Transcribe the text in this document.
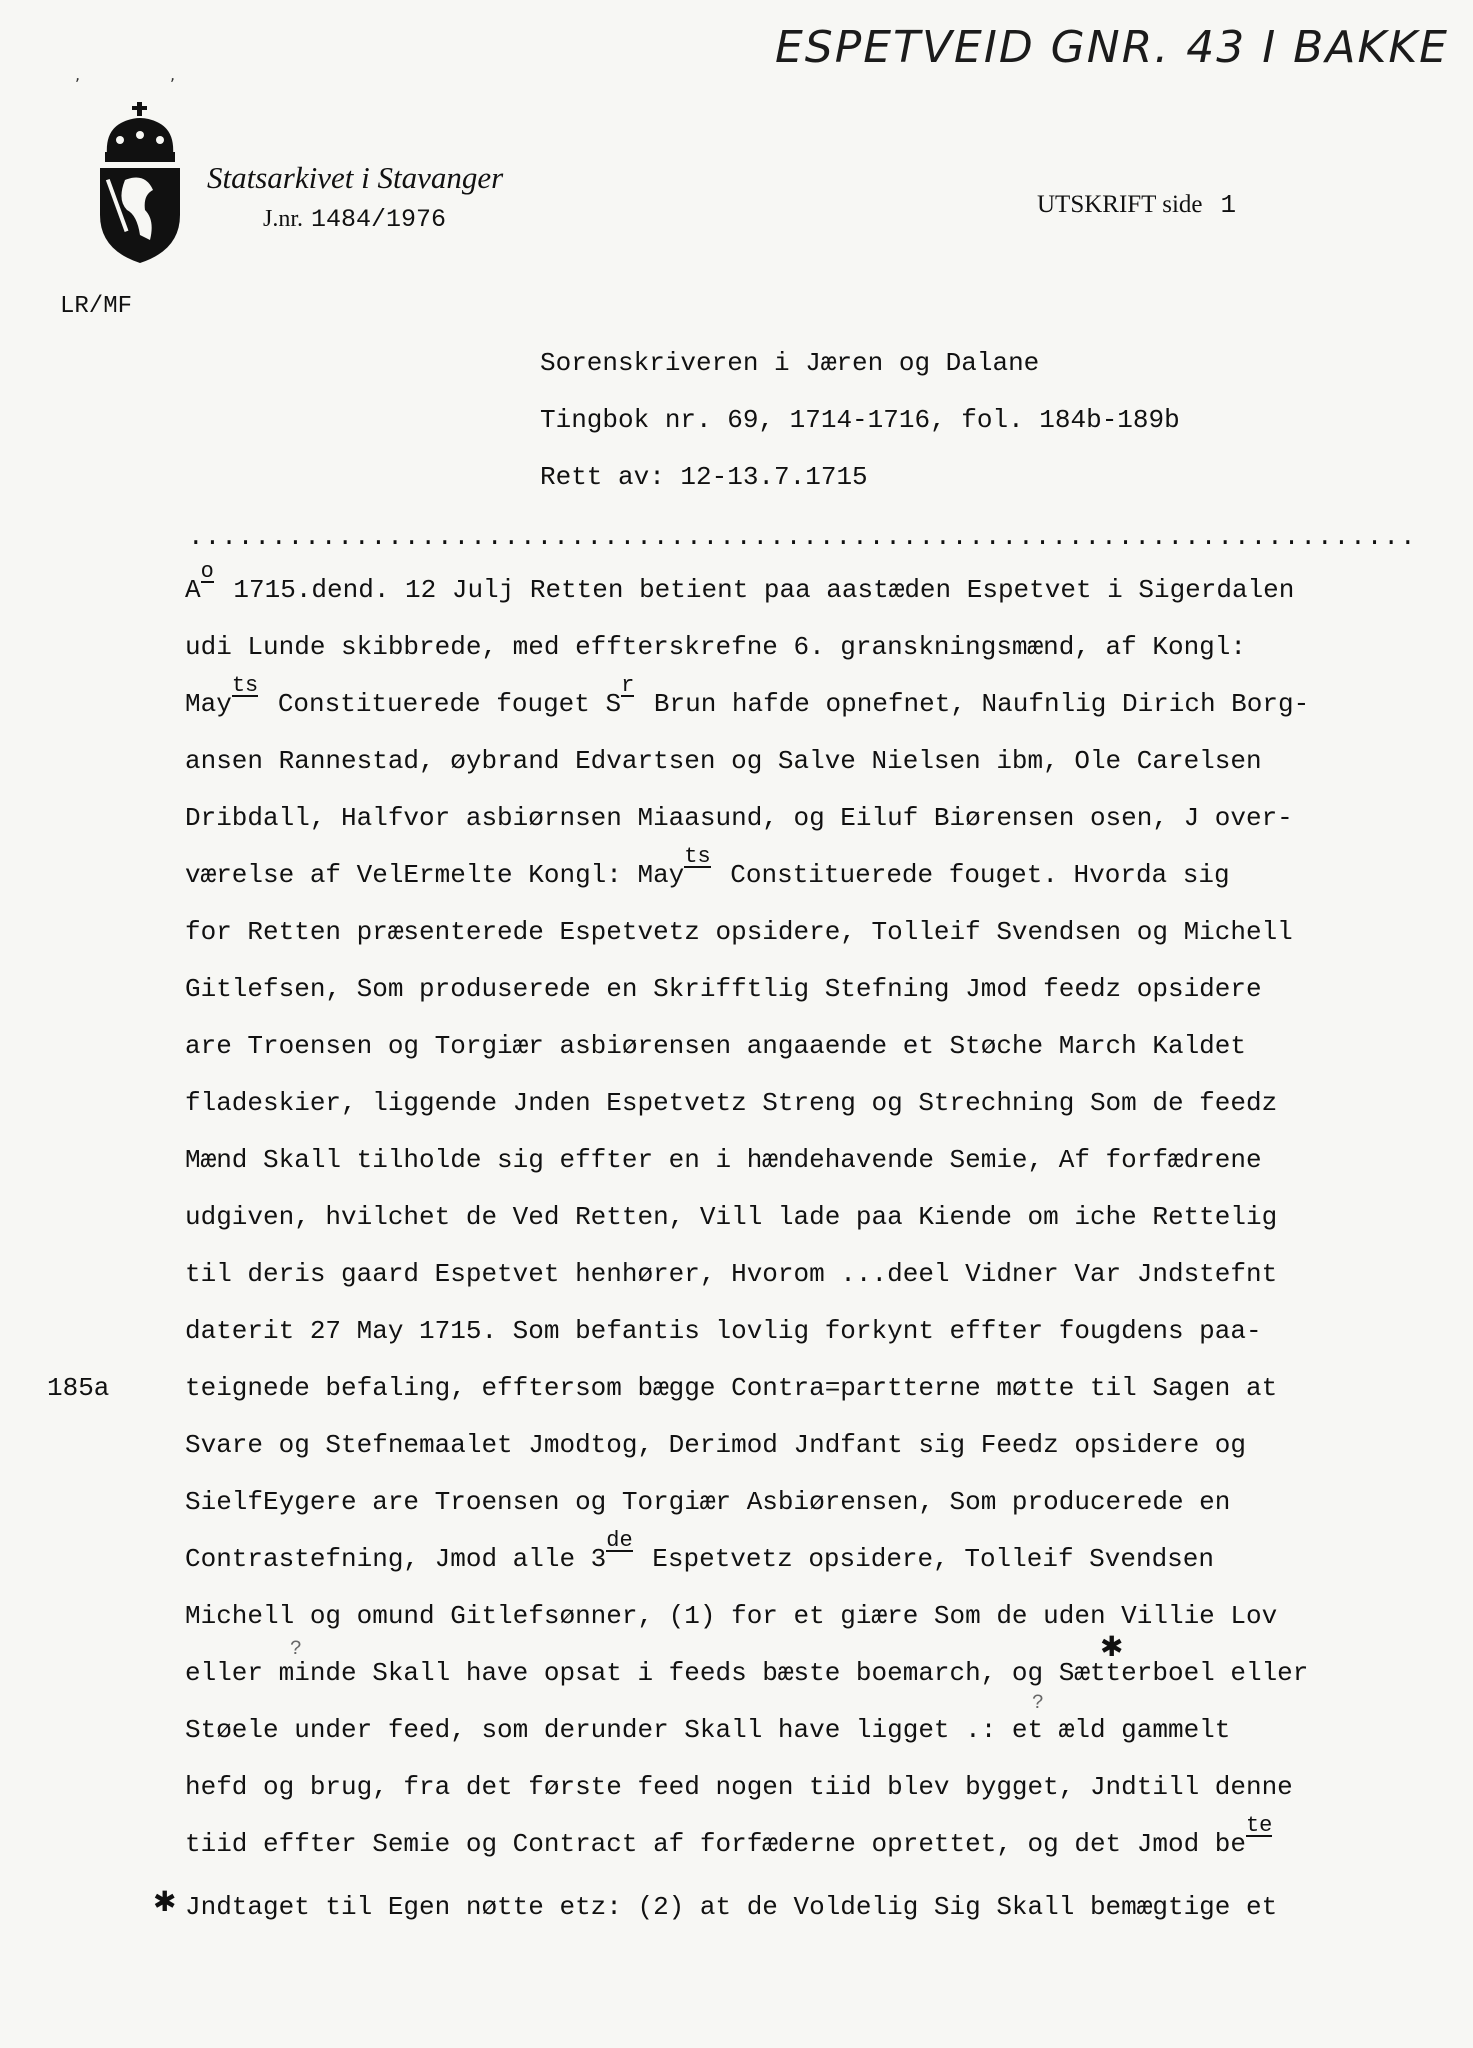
ESPETVEID GNR. 43 I BAKKE
,	,
Statsarkivet i Stavanger
J.nr. 1484/1976
UTSKRIFT side 1
LR/MF
Sorenskriveren i Jæren og Dalane
Tingbok nr. 69, 1714-1716, fol. 184b-189b
Rett av: 12-13.7.1715
..........................................................................
Ao 1715.dend. 12 Julj Retten betient paa aastæden Espetvet i Sigerdalen
udi Lunde skibbrede, med effterskrefne 6. granskningsmænd, af Kongl:
Mayts Constituerede fouget Sr Brun hafde opnefnet, Naufnlig Dirich Borg-
ansen Rannestad, øybrand Edvartsen og Salve Nielsen ibm, Ole Carelsen
Dribdall, Halfvor asbiørnsen Miaasund, og Eiluf Biørensen osen, J over-
værelse af VelErmelte Kongl: Mayts Constituerede fouget. Hvorda sig
for Retten præsenterede Espetvetz opsidere, Tolleif Svendsen og Michell
Gitlefsen, Som produserede en Skrifftlig Stefning Jmod feedz opsidere
are Troensen og Torgiær asbiørensen angaaende et Støche March Kaldet
fladeskier, liggende Jnden Espetvetz Streng og Strechning Som de feedz
Mænd Skall tilholde sig effter en i hændehavende Semie, Af forfædrene
udgiven, hvilchet de Ved Retten, Vill lade paa Kiende om iche Rettelig
til deris gaard Espetvet henhører, Hvorom ...deel Vidner Var Jndstefnt
daterit 27 May 1715. Som befantis lovlig forkynt effter fougdens paa-
185a	teignede befaling, efftersom bægge Contra=partterne møtte til Sagen at
Svare og Stefnemaalet Jmodtog, Derimod Jndfant sig Feedz opsidere og
SielfEygere are Troensen og Torgiær Asbiørensen, Som producerede en
Contrastefning, Jmod alle 3de Espetvetz opsidere, Tolleif Svendsen
Michell og omund Gitlefsønner, (1) for et giære Som de uden Villie Lov
?	✱
eller minde Skall have opsat i feeds bæste boemarch, og Sætterboel eller
?
Støele under feed, som derunder Skall have ligget .: et æld gammelt
hefd og brug, fra det første feed nogen tiid blev bygget, Jndtill denne
tiid effter Semie og Contract af forfæderne oprettet, og det Jmod bete
✱ Jndtaget til Egen nøtte etz: (2) at de Voldelig Sig Skall bemægtige et
